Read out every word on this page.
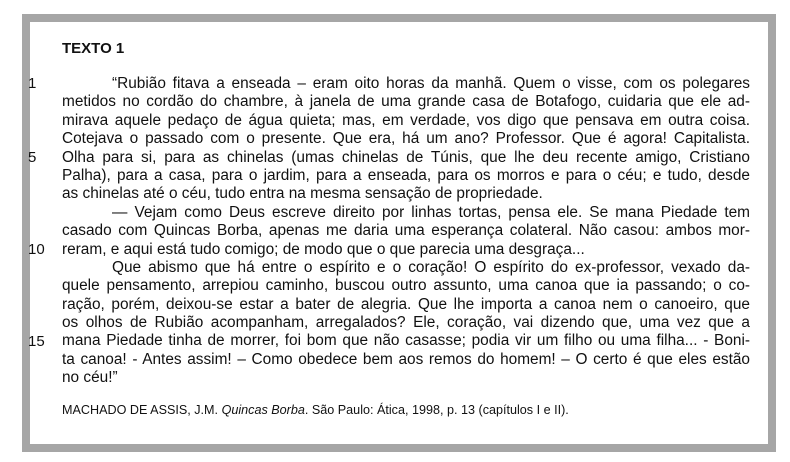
TEXTO 1
1
5
10
15
“Rubião fitava a enseada – eram oito horas da manhã. Quem o visse, com os polegares
metidos no cordão do chambre, à janela de uma grande casa de Botafogo, cuidaria que ele ad-
mirava aquele pedaço de água quieta; mas, em verdade, vos digo que pensava em outra coisa.
Cotejava o passado com o presente. Que era, há um ano? Professor. Que é agora! Capitalista.
Olha para si, para as chinelas (umas chinelas de Túnis, que lhe deu recente amigo, Cristiano
Palha), para a casa, para o jardim, para a enseada, para os morros e para o céu; e tudo, desde
as chinelas até o céu, tudo entra na mesma sensação de propriedade.
— Vejam como Deus escreve direito por linhas tortas, pensa ele. Se mana Piedade tem
casado com Quincas Borba, apenas me daria uma esperança colateral. Não casou: ambos mor-
reram, e aqui está tudo comigo; de modo que o que parecia uma desgraça...
Que abismo que há entre o espírito e o coração! O espírito do ex-professor, vexado da-
quele pensamento, arrepiou caminho, buscou outro assunto, uma canoa que ia passando; o co-
ração, porém, deixou-se estar a bater de alegria. Que lhe importa a canoa nem o canoeiro, que
os olhos de Rubião acompanham, arregalados? Ele, coração, vai dizendo que, uma vez que a
mana Piedade tinha de morrer, foi bom que não casasse; podia vir um filho ou uma filha... - Boni-
ta canoa! - Antes assim! – Como obedece bem aos remos do homem! – O certo é que eles estão
no céu!”
MACHADO DE ASSIS, J.M. Quincas Borba. São Paulo: Ática, 1998, p. 13 (capítulos I e II).
